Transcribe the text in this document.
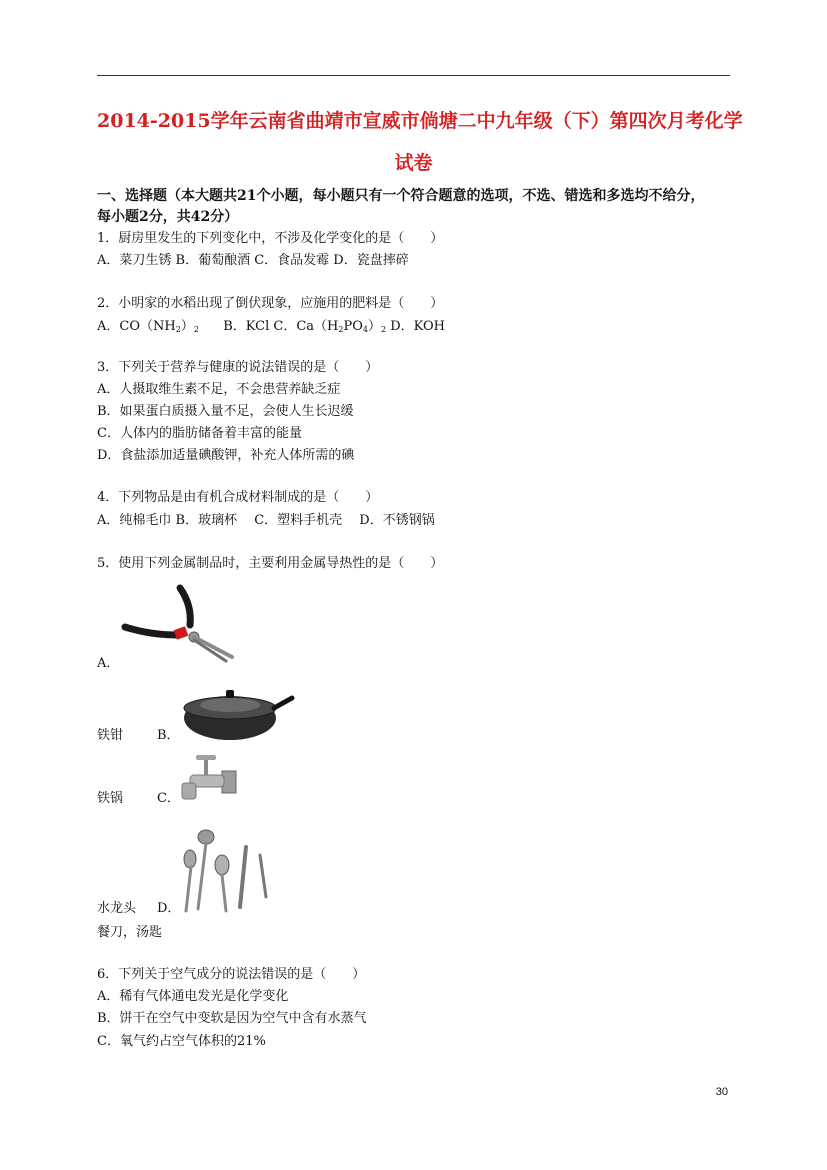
2014-2015学年云南省曲靖市宣威市倘塘二中九年级（下）第四次月考化学
试卷
一、选择题（本大题共21个小题，每小题只有一个符合题意的选项，不选、错选和多选均不给分，
每小题2分，共42分）
1．厨房里发生的下列变化中，不涉及化学变化的是（　　）
A．菜刀生锈 B．葡萄酿酒 C．食品发霉 D．瓷盘摔碎
2．小明家的水稻出现了倒伏现象，应施用的肥料是（　　）
A．$CO(NH_2)_2$ B．KCl C．$Ca(H_2PO_4)_2$ D．KOH
3．下列关于营养与健康的说法错误的是（　　）
A．人摄取维生素不足，不会患营养缺乏症
B．如果蛋白质摄入量不足，会使人生长迟缓
C．人体内的脂肪储备着丰富的能量
D．食盐添加适量碘酸钾，补充人体所需的碘
4．下列物品是由有机合成材料制成的是（　　）
A．纯棉毛巾 B．玻璃杯　 C．塑料手机壳　 D．不锈钢锅
5．使用下列金属制品时，主要利用金属导热性的是（　　）
A．
铁钳	B．
铁锅	C．
水龙头 D．
餐刀，汤匙
6．下列关于空气成分的说法错误的是（　　）
A．稀有气体通电发光是化学变化
B．饼干在空气中变软是因为空气中含有水蒸气
C．氧气约占空气体积的21%
30
